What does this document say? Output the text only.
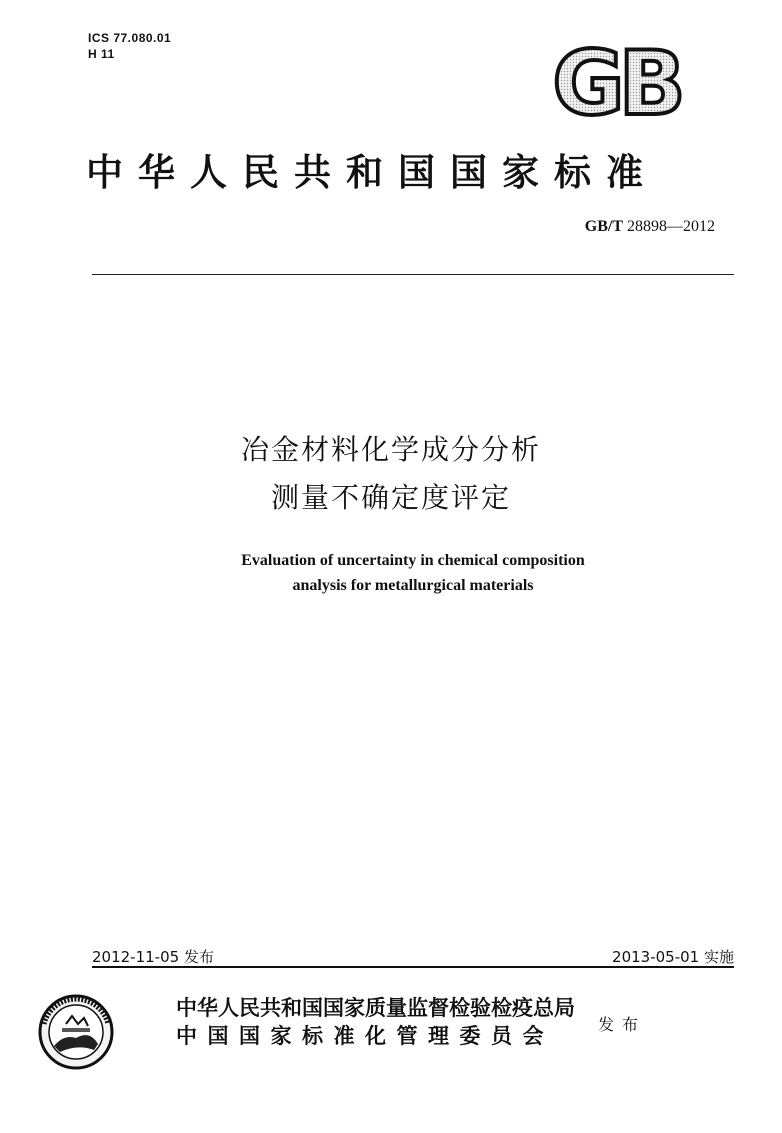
ICS 77.080.01
H 11	GB
中华人民共和国国家标准
GB/T 28898—2012
冶金材料化学成分分析
测量不确定度评定
Evaluation of uncertainty in chemical composition
analysis for metallurgical materials
2012-11-05 发布	2013-05-01 实施
中华人民共和国国家质量监督检验检疫总局
中国国家标准化管理委员会	发布
